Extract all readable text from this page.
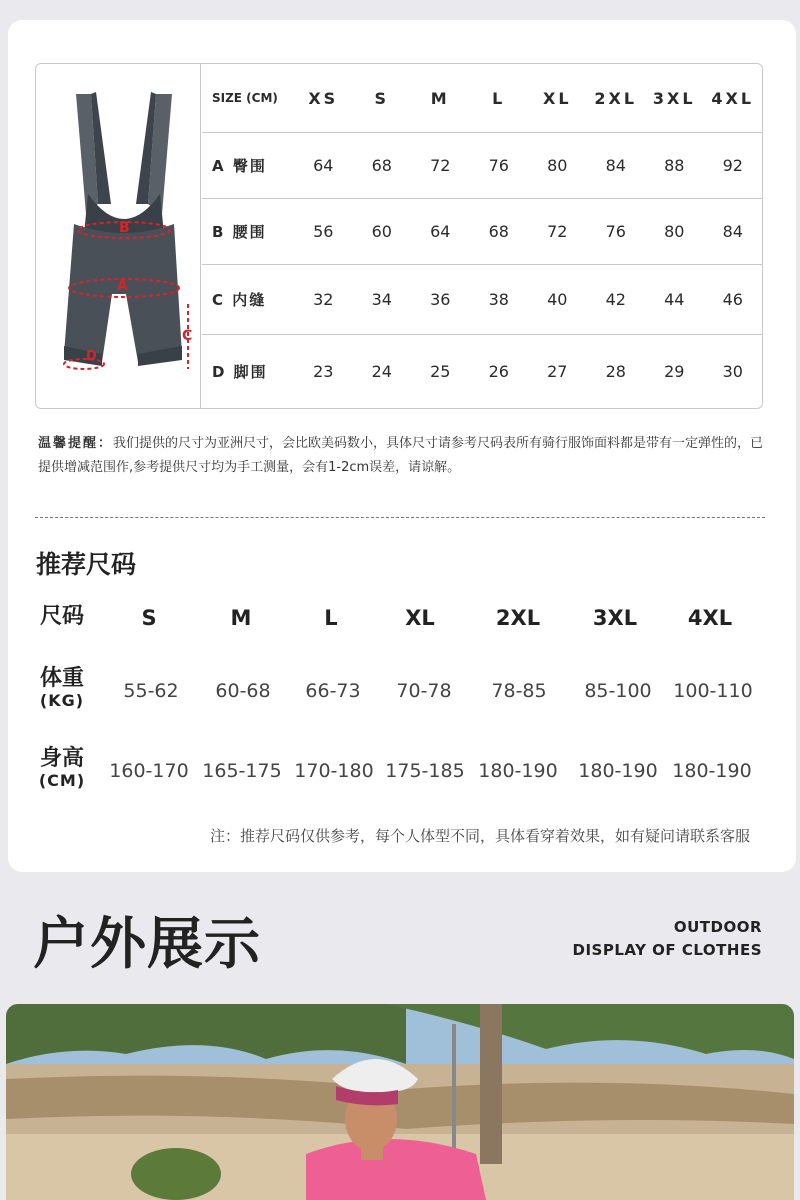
B
A
C
D
SIZE (CM)	XS	S	M	L	XL	2XL 3XL 4XL
A 臀围	64	68	72	76	80	84	88	92
B 腰围	56	60	64	68	72	76	80	84
C 内缝	32	34	36	38	40	42	44	46
D 脚围	23	24	25	26	27	28	29	30
温馨提醒：我们提供的尺寸为亚洲尺寸，会比欧美码数小，具体尺寸请参考尺码表所有骑行服饰面料都是带有一定弹性的，已提供增减范围作,参考提供尺寸均为手工测量，会有1-2cm误差，请谅解。
推荐尺码
尺码	S	M	L	XL	2XL	3XL	4XL
体重
(KG)	55-62	60-68	66-73	70-78	78-85	85-100	100-110
身高
(CM)	160-170 165-175 170-180 175-185 180-190	180-190 180-190
注：推荐尺码仅供参考，每个人体型不同，具体看穿着效果，如有疑问请联系客服
户外展示	OUTDOOR
DISPLAY OF CLOTHES
